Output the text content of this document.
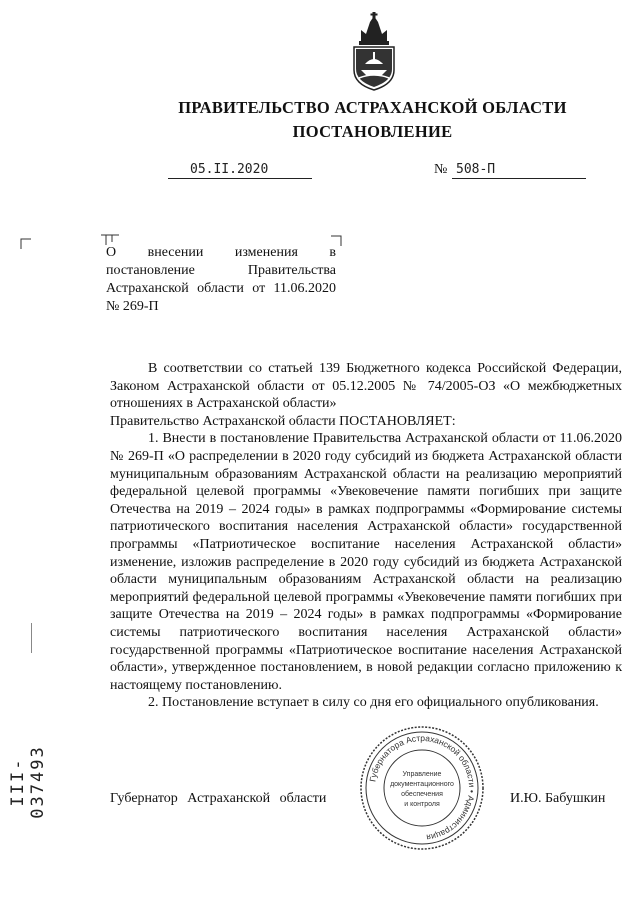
ПРАВИТЕЛЬСТВО АСТРАХАНСКОЙ ОБЛАСТИ
ПОСТАНОВЛЕНИЕ
05.II.2020	№ 508-П
О внесении изменения в постановление Правительства Астраханской области от 11.06.2020 № 269-П

В соответствии со статьей 139 Бюджетного кодекса Российской Федерации, Законом Астраханской области от 05.12.2005 № 74/2005-ОЗ «О межбюджетных отношениях в Астраханской области»

Правительство Астраханской области ПОСТАНОВЛЯЕТ:

1. Внести в постановление Правительства Астраханской области от 11.06.2020 № 269-П «О распределении в 2020 году субсидий из бюджета Астраханской области муниципальным образованиям Астраханской области на реализацию мероприятий федеральной целевой программы «Увековечение памяти погибших при защите Отечества на 2019 – 2024 годы» в рамках подпрограммы «Формирование системы патриотического воспитания населения Астраханской области» государственной программы «Патриотическое воспитание населения Астраханской области» изменение, изложив распределение в 2020 году субсидий из бюджета Астраханской области муниципальным образованиям Астраханской области на реализацию мероприятий федеральной целевой программы «Увековечение памяти погибших при защите Отечества на 2019 – 2024 годы» в рамках подпрограммы «Формирование системы патриотического воспитания населения Астраханской области» государственной программы «Патриотическое воспитание населения Астраханской области», утвержденное постановлением, в новой редакции согласно приложению к настоящему постановлению.

2. Постановление вступает в силу со дня его официального опубликования.

III-037493	Губернатор Астраханской области	И.Ю. Бабушкин
Губернатора Астраханской области • Администрация
Управление
документационного
обеспечения
и контроля
